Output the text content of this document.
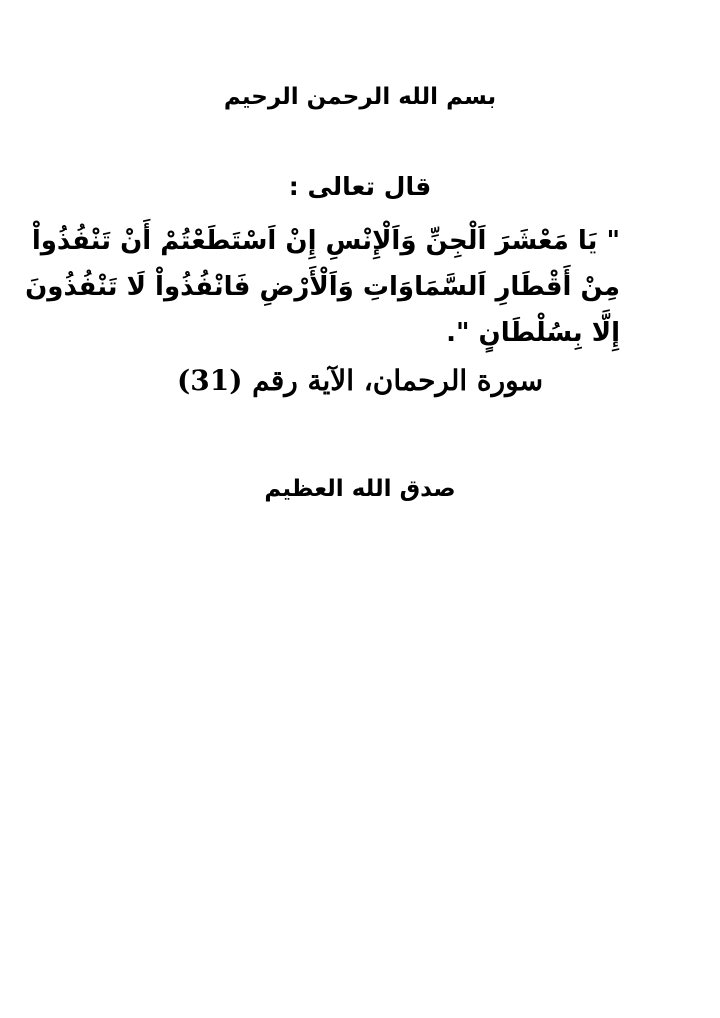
بسم الله الرحمن الرحيم
قال تعالى :
" يَا مَعْشَرَ اَلْجِنِّ وَاَلْإِنْسِ إِنْ اَسْتَطَعْتُمْ أَنْ تَنْفُذُواْ
مِنْ أَقْطَارِ اَلسَّمَاوَاتِ وَاَلْأَرْضِ فَانْفُذُواْ لَا تَنْفُذُونَ
إِلَّا بِسُلْطَانٍ ".
سورة الرحمان، الآية رقم (31)
صدق الله العظيم
